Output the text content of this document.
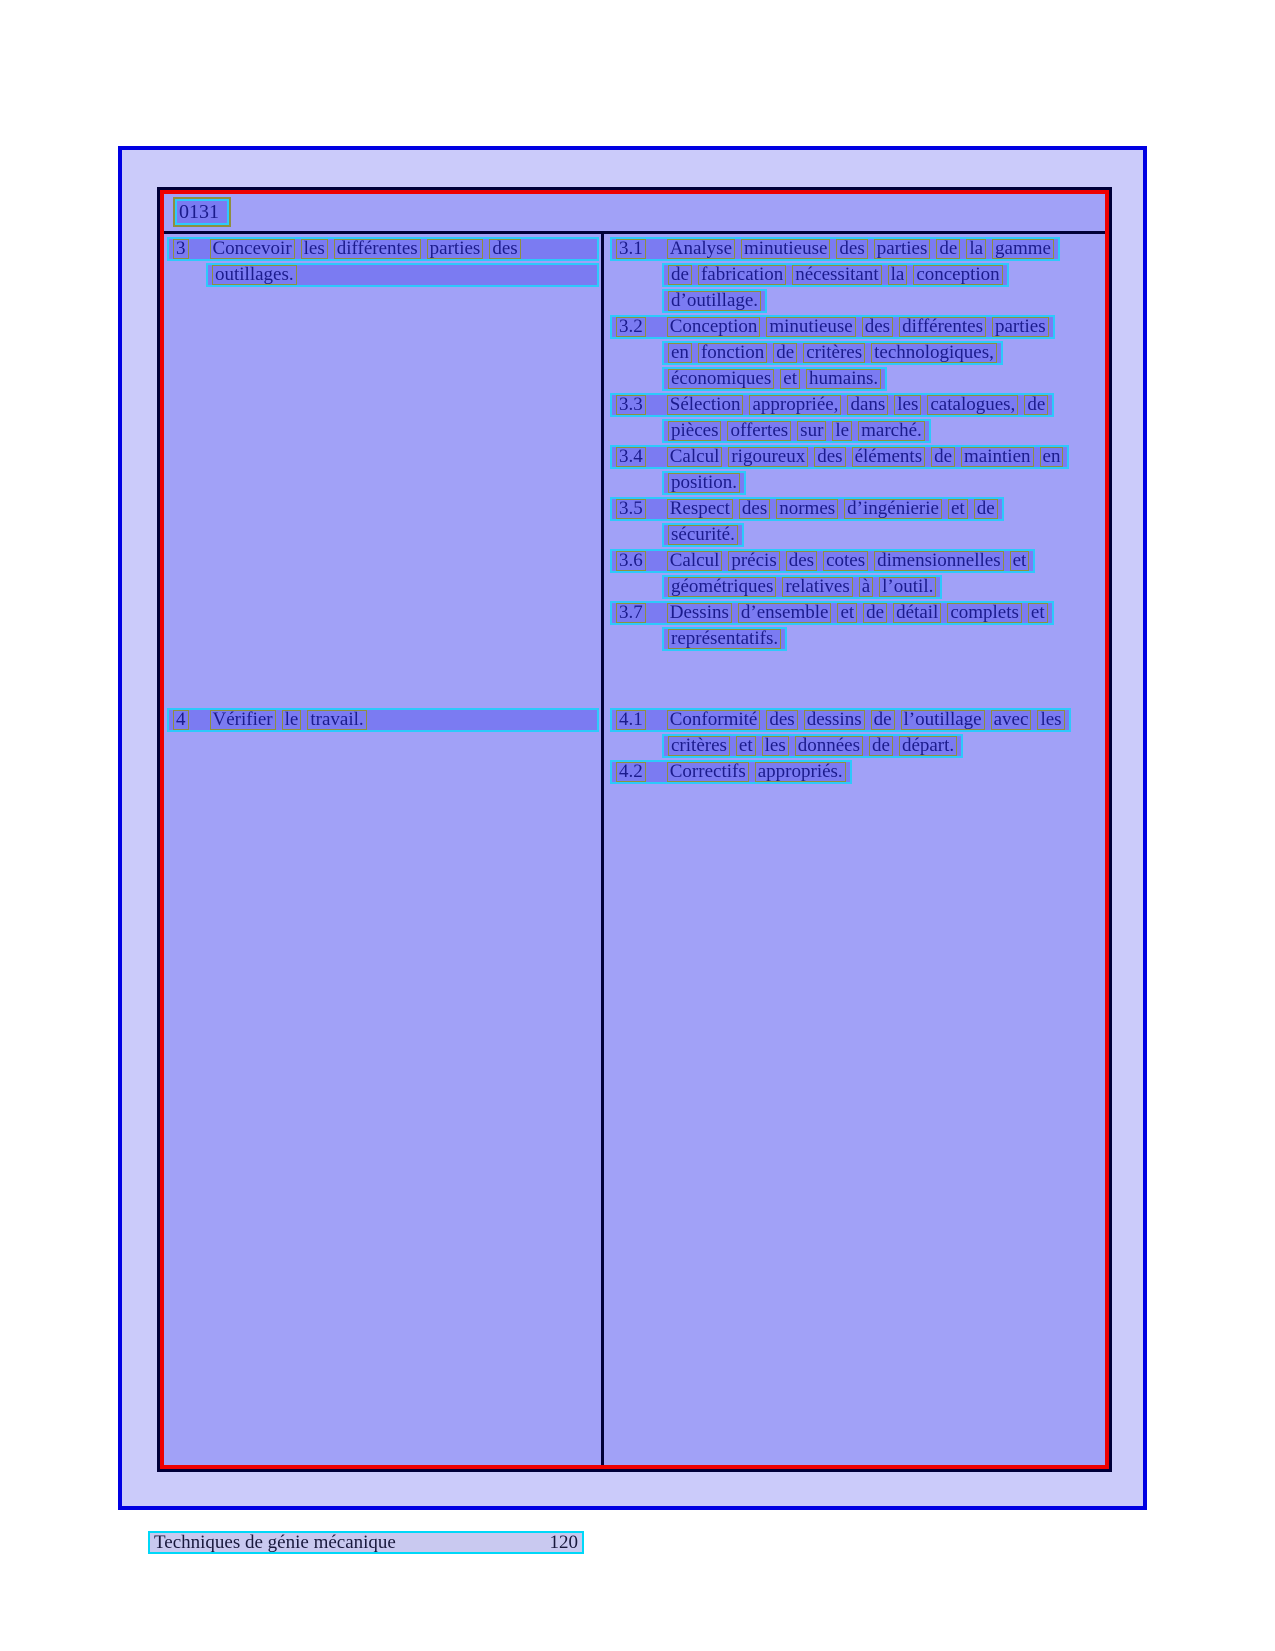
0131
3 Concevoir les différentes parties des
outillages.
3.1 Analyse minutieuse des parties de la gamme
de fabrication nécessitant la conception
d’outillage.
3.2 Conception minutieuse des différentes parties
en fonction de critères technologiques,
économiques et humains.
3.3 Sélection appropriée, dans les catalogues, de
pièces offertes sur le marché.
3.4 Calcul rigoureux des éléments de maintien en
position.
3.5 Respect des normes d’ingénierie et de
sécurité.
3.6 Calcul précis des cotes dimensionnelles et
géométriques relatives à l’outil.
3.7 Dessins d’ensemble et de détail complets et
représentatifs.
4 Vérifier le travail.	4.1 Conformité des dessins de l’outillage avec les
critères et les données de départ.
4.2 Correctifs appropriés.
Techniques de génie mécanique	120
